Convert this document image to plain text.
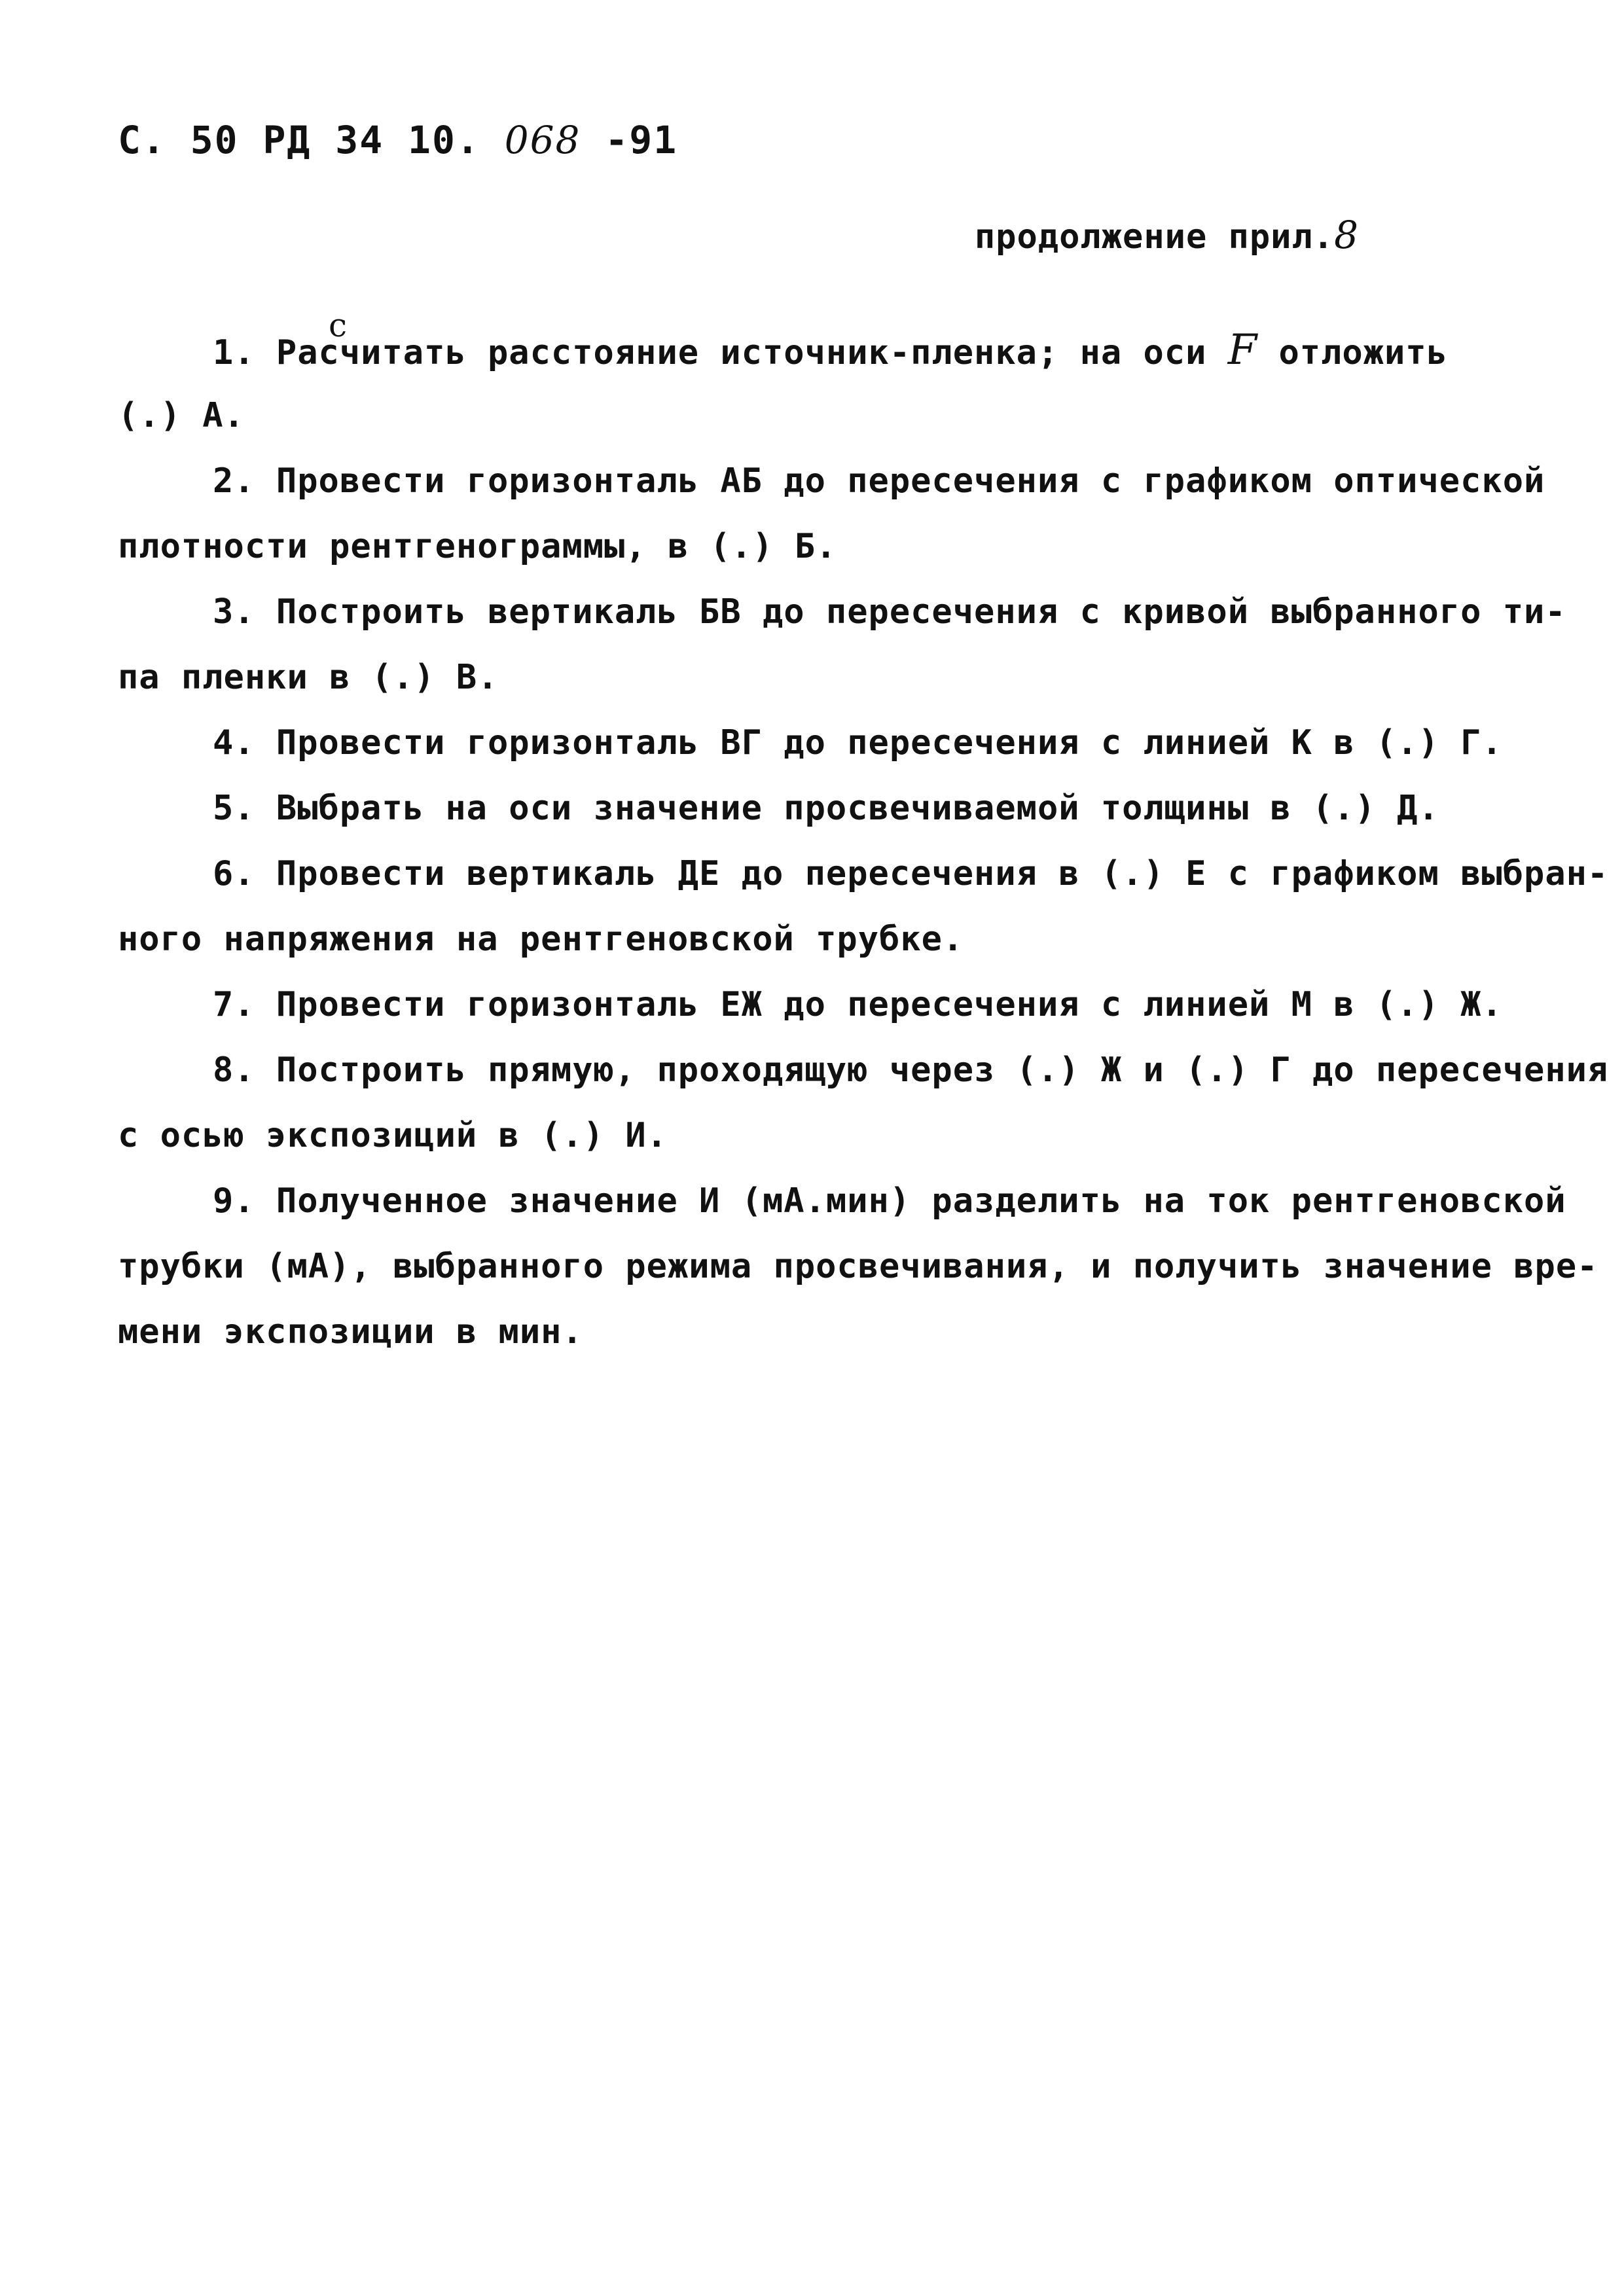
С. 50 РД 34 10. 068 -91
продолжение прил.8
с
1. Расчитать расстояние источник-пленка; на оси F отложить
(.) А.
2. Провести горизонталь АБ до пересечения с графиком оптической
плотности рентгенограммы, в (.) Б.
3. Построить вертикаль БВ до пересечения с кривой выбранного ти-
па пленки в (.) В.
4. Провести горизонталь ВГ до пересечения с линией К в (.) Г.
5. Выбрать на оси значение просвечиваемой толщины в (.) Д.
6. Провести вертикаль ДЕ до пересечения в (.) Е с графиком выбран-
ного напряжения на рентгеновской трубке.
7. Провести горизонталь ЕЖ до пересечения с линией М в (.) Ж.
8. Построить прямую, проходящую через (.) Ж и (.) Г до пересечения
с осью экспозиций в (.) И.
9. Полученное значение И (мА.мин) разделить на ток рентгеновской
трубки (мА), выбранного режима просвечивания, и получить значение вре-
мени экспозиции в мин.
